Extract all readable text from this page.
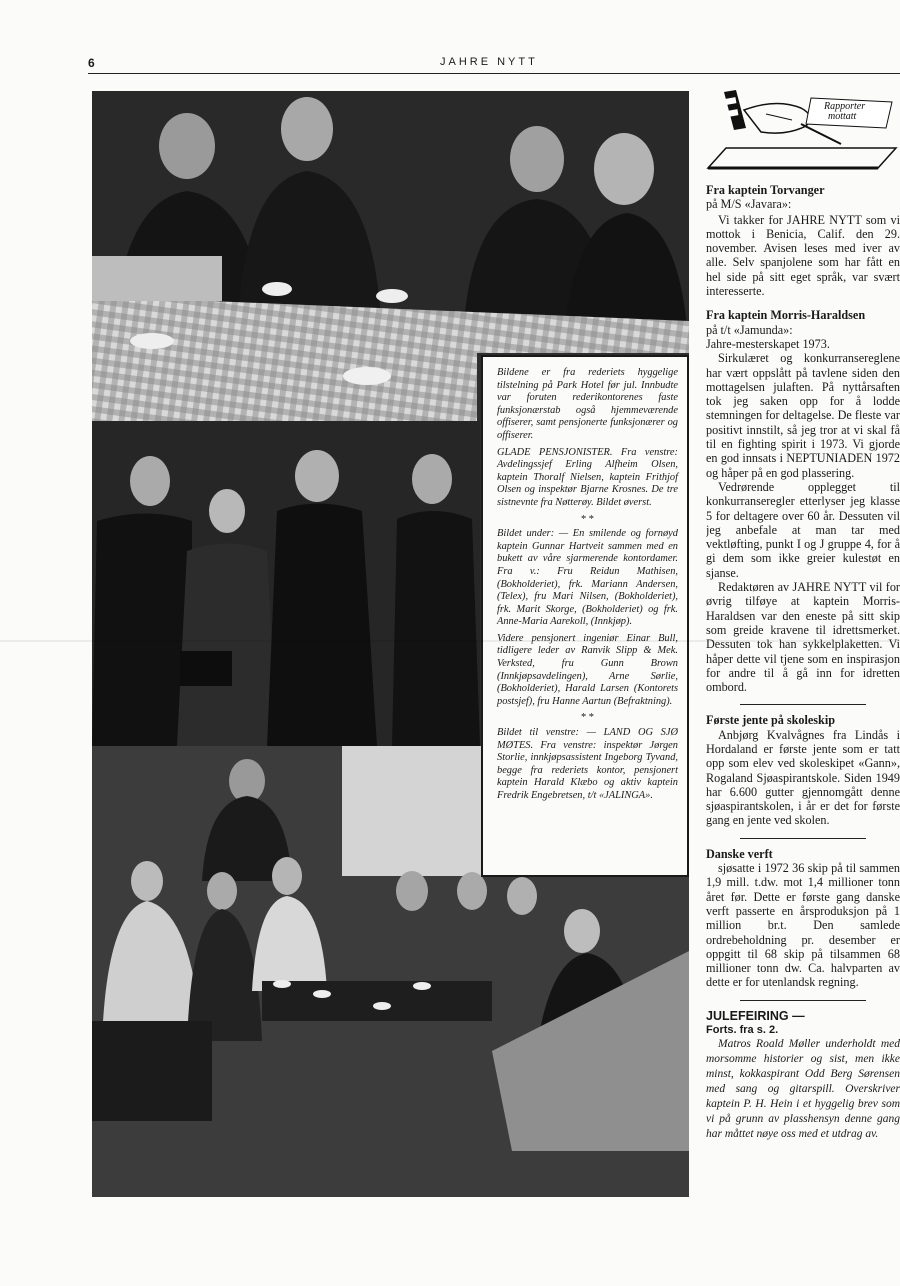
6	JAHRE NYTT

Bildene er fra rederiets hyggelige tilstelning på Park Hotel før jul. Innbudte var foruten rederikontorenes faste funksjonærstab også hjemmeværende offiserer, samt pensjonerte funksjonærer og offiserer.

GLADE PENSJONISTER. Fra venstre: Avdelingssjef Erling Alfheim Olsen, kaptein Thoralf Nielsen, kaptein Frithjof Olsen og inspektør Bjarne Krosnes. De tre sistnevnte fra Nøtterøy. Bildet øverst.

* *

Bildet under: — En smilende og fornøyd kaptein Gunnar Hartveit sammen med en bukett av våre sjarmerende kontordamer. Fra v.: Fru Reidun Mathisen, (Bokholderiet), frk. Mariann Andersen, (Telex), fru Mari Nilsen, (Bokholderiet), frk. Marit Skorge, (Bokholderiet) og frk. Anne-Maria Aarekoll, (Innkjøp).

Videre pensjonert ingeniør Einar Bull, tidligere leder av Ranvik Slipp & Mek. Verksted, fru Gunn Brown (Innkjøpsavdelingen), Arne Sørlie, (Bokholderiet), Harald Larsen (Kontorets postsjef), fru Hanne Aartun (Befraktning).

* *

Bildet til venstre: — LAND OG SJØ MØTES. Fra venstre: inspektør Jørgen Storlie, innkjøpsassistent Ingeborg Tyvand, begge fra rederiets kontor, pensjonert kaptein Harald Klæbo og aktiv kaptein Fredrik Engebretsen, t/t «JALINGA».

Rapporter
mottatt

Fra kaptein Torvanger

på M/S «Javara»:

Vi takker for JAHRE NYTT som vi mottok i Benicia, Calif. den 29. november. Avisen leses med iver av alle. Selv spanjolene som har fått en hel side på sitt eget språk, var svært interesserte.

Fra kaptein Morris-Haraldsen

på t/t «Jamunda»:

Jahre-mesterskapet 1973.

Sirkulæret og konkurransereglene har vært oppslått på tavlene siden den mottagelsen julaften. På nyttårsaften tok jeg saken opp for å lodde stemningen for deltagelse. De fleste var positivt innstilt, så jeg tror at vi skal få til en fighting spirit i 1973. Vi gjorde en god innsats i NEPTUNIADEN 1972 og håper på en god plassering.

Vedrørende opplegget til konkurranseregler etterlyser jeg klasse 5 for deltagere over 60 år. Dessuten vil jeg anbefale at man tar med vektløfting, punkt I og J gruppe 4, for å gi dem som ikke greier kulestøt en sjanse.

Redaktøren av JAHRE NYTT vil for øvrig tilføye at kaptein Morris-Haraldsen var den eneste på sitt skip som greide kravene til idrettsmerket. Dessuten tok han sykkelplaketten. Vi håper dette vil tjene som en inspirasjon for andre til å gå inn for idretten ombord.

Første jente på skoleskip

Anbjørg Kvalvågnes fra Lindås i Hordaland er første jente som er tatt opp som elev ved skoleskipet «Gann», Rogaland Sjøaspirantskole. Siden 1949 har 6.600 gutter gjennomgått denne sjøaspirantskolen, i år er det for første gang en jente ved skolen.

Danske verft

sjøsatte i 1972 36 skip på til sammen 1,9 mill. t.dw. mot 1,4 millioner tonn året før. Dette er første gang danske verft passerte en årsproduksjon på 1 million br.t. Den samlede ordrebeholdning pr. desember er oppgitt til 68 skip på tilsammen 68 millioner tonn dw. Ca. halvparten av dette er for utenlandsk regning.

JULEFEIRING —

Forts. fra s. 2.

Matros Roald Møller underholdt med morsomme historier og sist, men ikke minst, kokkaspirant Odd Berg Sørensen med sang og gitarspill. Overskriver kaptein P. H. Hein i et hyggelig brev som vi på grunn av plasshensyn denne gang har måttet nøye oss med et utdrag av.
